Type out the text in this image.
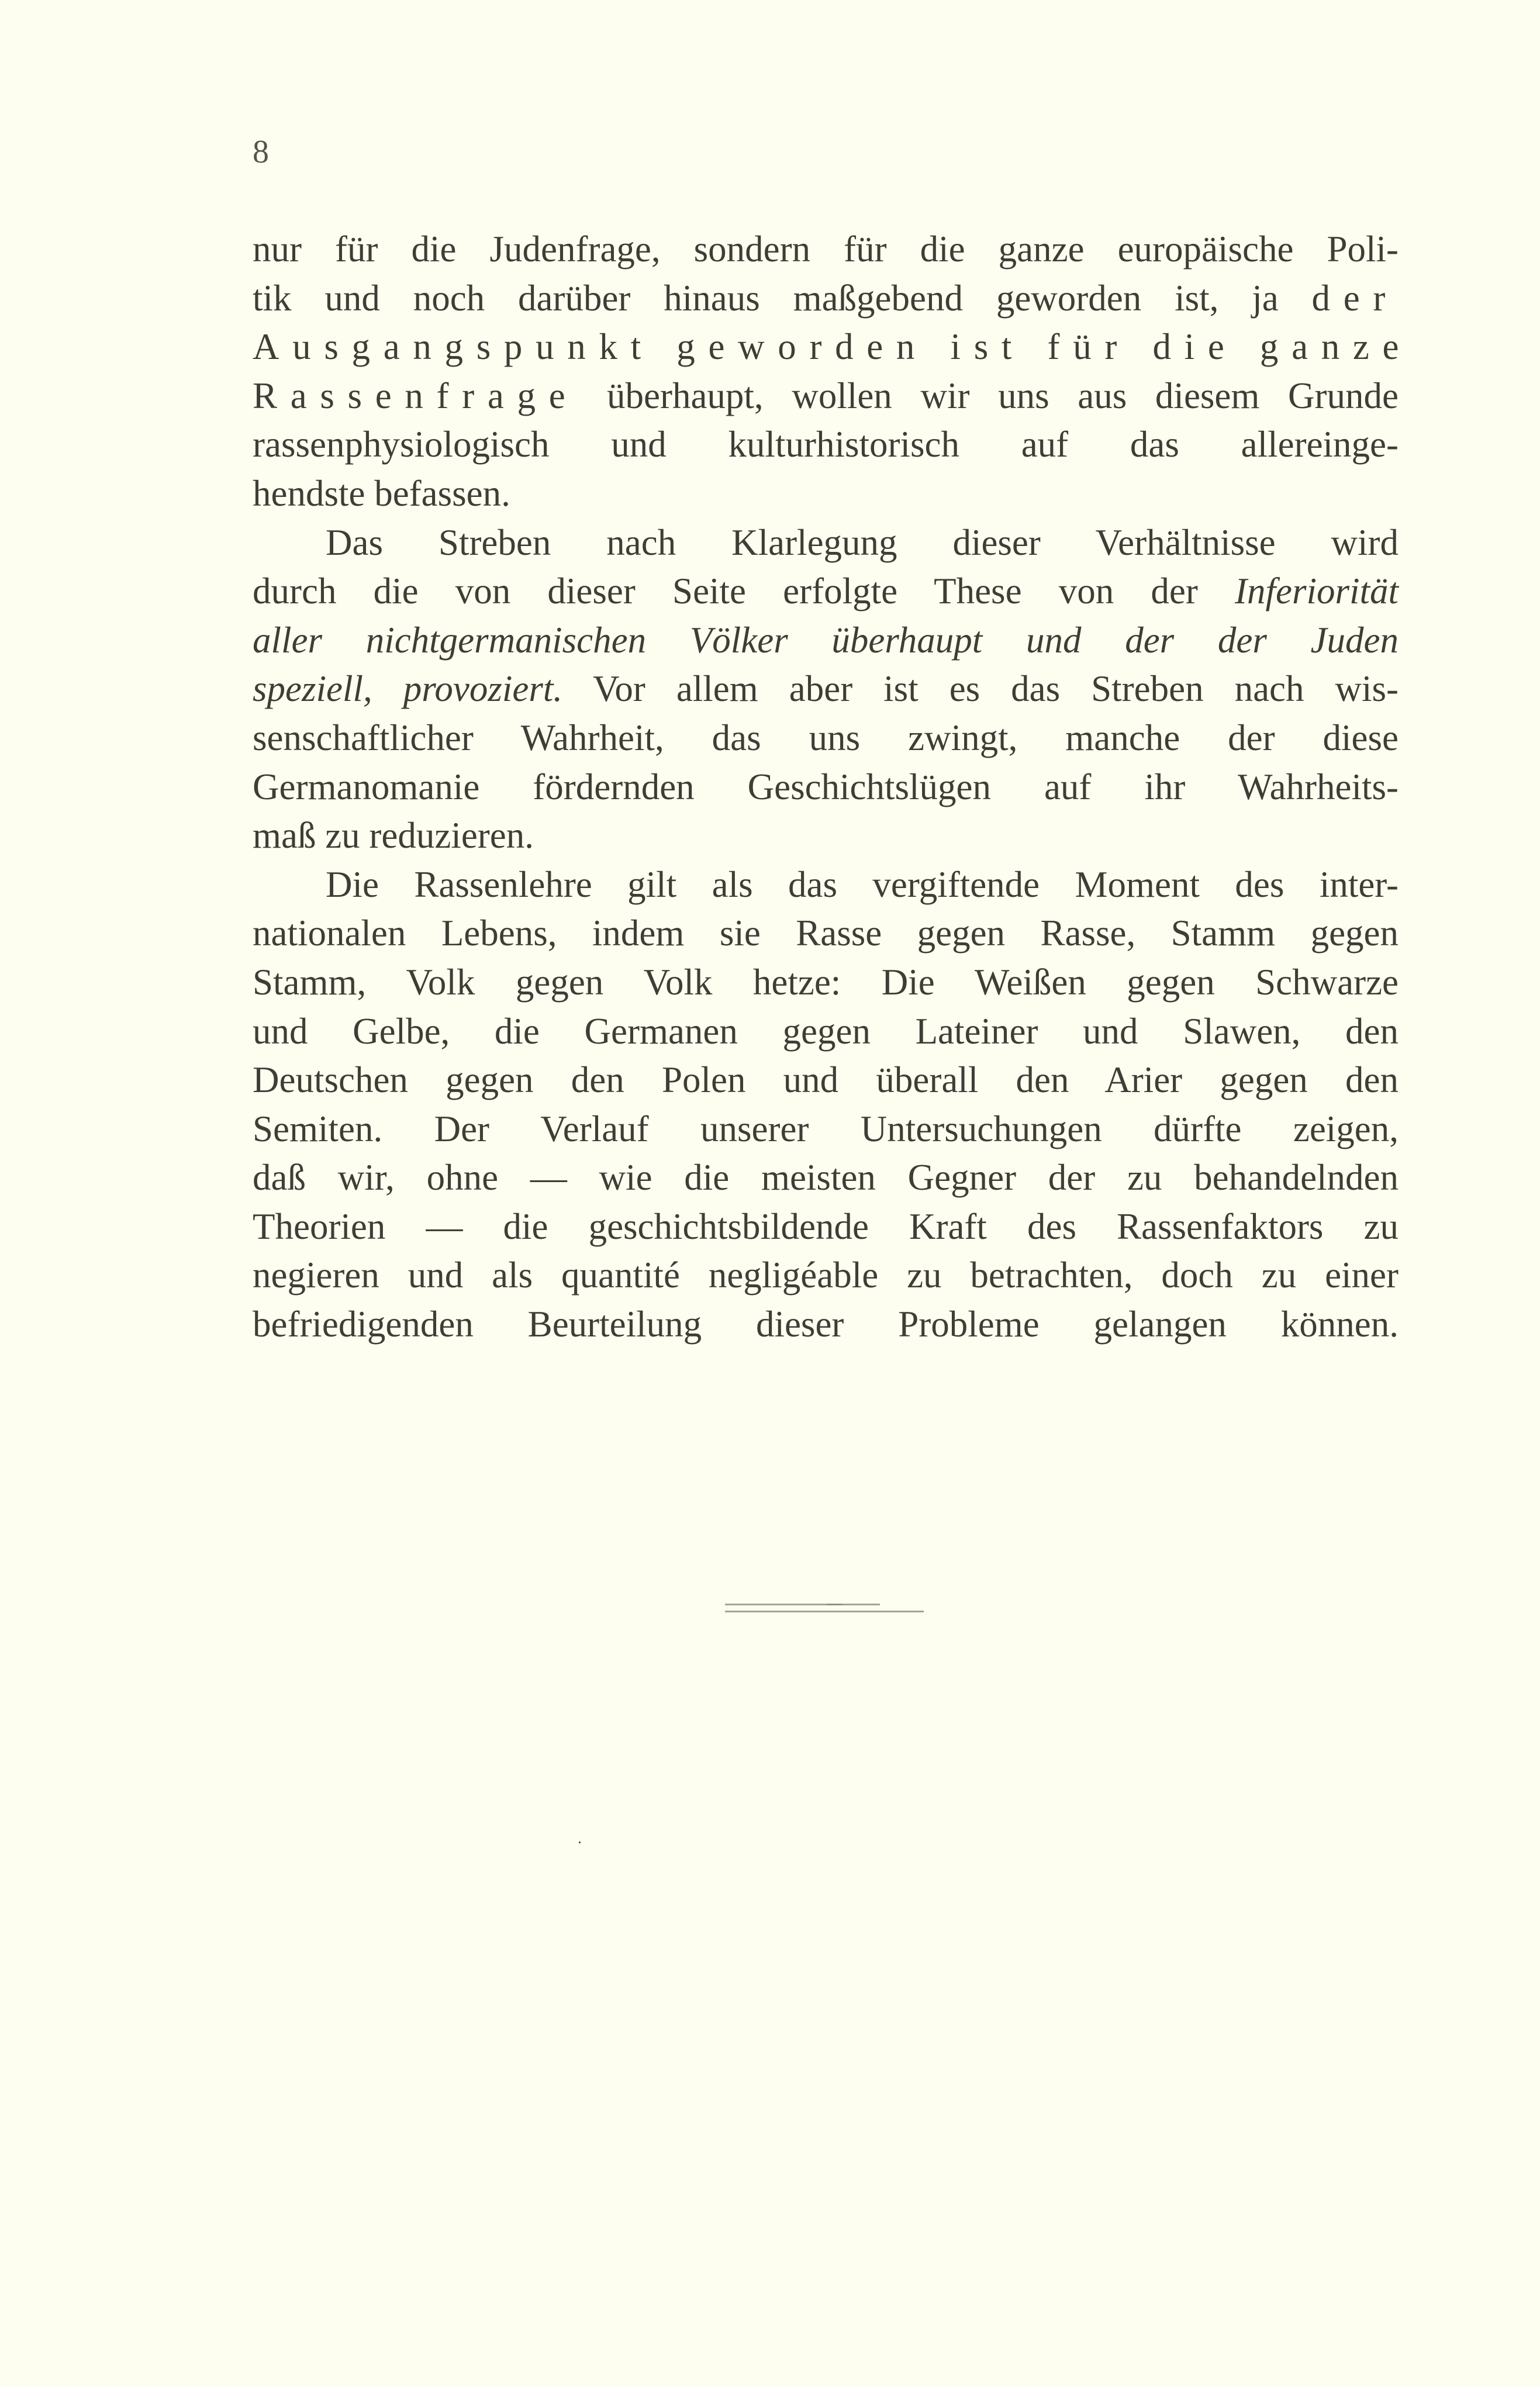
8
nur für die Judenfrage, sondern für die ganze europäische Poli-
tik und noch darüber hinaus maßgebend geworden ist, ja der
Ausgangspunkt geworden ist für die ganze
Rassenfrage überhaupt, wollen wir uns aus diesem Grunde
rassenphysiologisch und kulturhistorisch auf das allereinge-
hendste befassen.
Das Streben nach Klarlegung dieser Verhältnisse wird
durch die von dieser Seite erfolgte These von der Inferiorität
aller nichtgermanischen Völker überhaupt und der der Juden
speziell, provoziert. Vor allem aber ist es das Streben nach wis-
senschaftlicher Wahrheit, das uns zwingt, manche der diese
Germanomanie fördernden Geschichtslügen auf ihr Wahrheits-
maß zu reduzieren.
Die Rassenlehre gilt als das vergiftende Moment des inter-
nationalen Lebens, indem sie Rasse gegen Rasse, Stamm gegen
Stamm, Volk gegen Volk hetze: Die Weißen gegen Schwarze
und Gelbe, die Germanen gegen Lateiner und Slawen, den
Deutschen gegen den Polen und überall den Arier gegen den
Semiten. Der Verlauf unserer Untersuchungen dürfte zeigen,
daß wir, ohne — wie die meisten Gegner der zu behandelnden
Theorien — die geschichtsbildende Kraft des Rassenfaktors zu
negieren und als quantité negligéable zu betrachten, doch zu einer
befriedigenden Beurteilung dieser Probleme gelangen können.
